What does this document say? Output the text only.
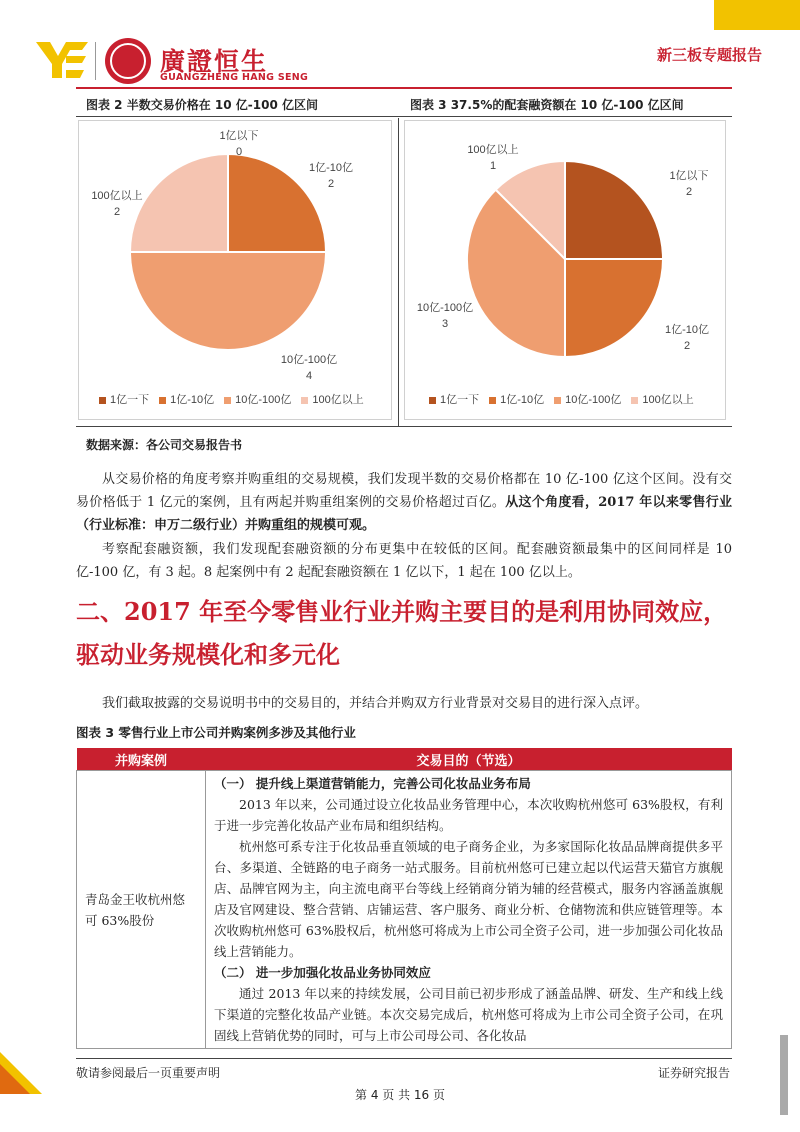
廣證恒生
GUANGZHENG HANG SENG
新三板专题报告
图表 2 半数交易价格在 10 亿-100 亿区间	图表 3 37.5%的配套融资额在 10 亿-100 亿区间
1亿以下
0
1亿-10亿
2
10亿-100亿
4
100亿以上
2
1亿一下	1亿-10亿	10亿-100亿	100亿以上
1亿以下
2
1亿-10亿
2
10亿-100亿
3
100亿以上
1
1亿一下	1亿-10亿	10亿-100亿	100亿以上
数据来源：各公司交易报告书
从交易价格的角度考察并购重组的交易规模，我们发现半数的交易价格都在 10 亿-100 亿这个区间。没有交易价格低于 1 亿元的案例，且有两起并购重组案例的交易价格超过百亿。从这个角度看，2017 年以来零售行业（行业标准：申万二级行业）并购重组的规模可观。
考察配套融资额，我们发现配套融资额的分布更集中在较低的区间。配套融资额最集中的区间同样是 10 亿-100 亿，有 3 起。8 起案例中有 2 起配套融资额在 1 亿以下，1 起在 100 亿以上。
二、2017 年至今零售业行业并购主要目的是利用协同效应，驱动业务规模化和多元化
我们截取披露的交易说明书中的交易目的，并结合并购双方行业背景对交易目的进行深入点评。
图表 3 零售行业上市公司并购案例多涉及其他行业
并购案例	交易目的（节选）
青岛金王收杭州悠可 63%股份	（一） 提升线上渠道营销能力，完善公司化妆品业务布局

2013 年以来，公司通过设立化妆品业务管理中心，本次收购杭州悠可 63%股权，有利于进一步完善化妆品产业布局和组织结构。

杭州悠可系专注于化妆品垂直领域的电子商务企业，为多家国际化妆品品牌商提供多平台、多渠道、全链路的电子商务一站式服务。目前杭州悠可已建立起以代运营天猫官方旗舰店、品牌官网为主，向主流电商平台等线上经销商分销为辅的经营模式，服务内容涵盖旗舰店及官网建设、整合营销、店铺运营、客户服务、商业分析、仓储物流和供应链管理等。本次收购杭州悠可 63%股权后，杭州悠可将成为上市公司全资子公司，进一步加强公司化妆品线上营销能力。

（二） 进一步加强化妆品业务协同效应

通过 2013 年以来的持续发展，公司目前已初步形成了涵盖品牌、研发、生产和线上线下渠道的完整化妆品产业链。本次交易完成后，杭州悠可将成为上市公司全资子公司，在巩固线上营销优势的同时，可与上市公司母公司、各化妆品

敬请参阅最后一页重要声明	证券研究报告
第 4 页 共 16 页
